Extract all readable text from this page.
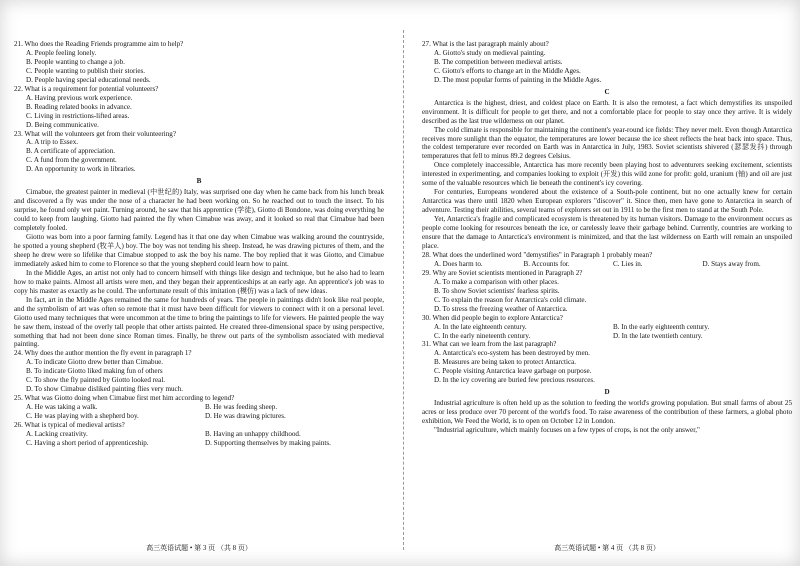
21. Who does the Reading Friends programme aim to help?

A. People feeling lonely.

B. People wanting to change a job.

C. People wanting to publish their stories.

D. People having special educational needs.

22. What is a requirement for potential volunteers?

A. Having previous work experience.

B. Reading related books in advance.

C. Living in restrictions-lifted areas.

D. Being communicative.

23. What will the volunteers get from their volunteering?

A. A trip to Essex.

B. A certificate of appreciation.

C. A fund from the government.

D. An opportunity to work in libraries.

B

Cimabue, the greatest painter in medieval (中世纪的) Italy, was surprised one day when he came back from his lunch break and discovered a fly was under the nose of a character he had been working on. So he reached out to touch the insect. To his surprise, he found only wet paint. Turning around, he saw that his apprentice (学徒), Giotto di Bondone, was doing everything he could to keep from laughing. Giotto had painted the fly when Cimabue was away, and it looked so real that Cimabue had been completely fooled.

Giotto was born into a poor farming family. Legend has it that one day when Cimabue was walking around the countryside, he spotted a young shepherd (牧羊人) boy. The boy was not tending his sheep. Instead, he was drawing pictures of them, and the sheep he drew were so lifelike that Cimabue stopped to ask the boy his name. The boy replied that it was Giotto, and Cimabue immediately asked him to come to Florence so that the young shepherd could learn how to paint.

In the Middle Ages, an artist not only had to concern himself with things like design and technique, but he also had to learn how to make paints. Almost all artists were men, and they began their apprenticeships at an early age. An apprentice's job was to copy his master as exactly as he could. The unfortunate result of this imitation (模仿) was a lack of new ideas.

In fact, art in the Middle Ages remained the same for hundreds of years. The people in paintings didn't look like real people, and the symbolism of art was often so remote that it must have been difficult for viewers to connect with it on a personal level. Giotto used many techniques that were uncommon at the time to bring the paintings to life for viewers. He painted people the way he saw them, instead of the overly tall people that other artists painted. He created three-dimensional space by using perspective, something that had not been done since Roman times. Finally, he threw out parts of the symbolism associated with medieval painting.

24. Why does the author mention the fly event in paragraph 1?

A. To indicate Giotto drew better than Cimabue.

B. To indicate Giotto liked making fun of others

C. To show the fly painted by Giotto looked real.

D. To show Cimabue disliked painting flies very much.

25. What was Giotto doing when Cimabue first met him according to legend?

A. He was taking a walk.	B. He was feeding sheep.
C. He was playing with a shepherd boy.	D. He was drawing pictures.

26. What is typical of medieval artists?

A. Lacking creativity.	B. Having an unhappy childhood.
C. Having a short period of apprenticeship.	D. Supporting themselves by making paints.

27. What is the last paragraph mainly about?

A. Giotto's study on medieval painting.

B. The competition between medieval artists.

C. Giotto's efforts to change art in the Middle Ages.

D. The most popular forms of painting in the Middle Ages.

C

Antarctica is the highest, driest, and coldest place on Earth. It is also the remotest, a fact which demystifies its unspoiled environment. It is difficult for people to get there, and not a comfortable place for people to stay once they arrive. It is widely described as the last true wilderness on our planet.

The cold climate is responsible for maintaining the continent's year-round ice fields: They never melt. Even though Antarctica receives more sunlight than the equator, the temperatures are lower because the ice sheet reflects the heat back into space. Thus, the coldest temperature ever recorded on Earth was in Antarctica in July, 1983. Soviet scientists shivered (瑟瑟发抖) through temperatures that fell to minus 89.2 degrees Celsius.

Once completely inaccessible, Antarctica has more recently been playing host to adventurers seeking excitement, scientists interested in experimenting, and companies looking to exploit (开发) this wild zone for profit: gold, uranium (铀) and oil are just some of the valuable resources which lie beneath the continent's icy covering.

For centuries, Europeans wondered about the existence of a South-pole continent, but no one actually knew for certain Antarctica was there until 1820 when European explorers "discover" it. Since then, men have gone to Antarctica in search of adventure. Testing their abilities, several teams of explorers set out in 1911 to be the first men to stand at the South Pole.

Yet, Antarctica's fragile and complicated ecosystem is threatened by its human visitors. Damage to the environment occurs as people come looking for resources beneath the ice, or carelessly leave their garbage behind. Currently, countries are working to ensure that the damage to Antarctica's environment is minimized, and that the last wilderness on Earth will remain an unspoiled place.

28. What does the underlined word "demystifies" in Paragraph 1 probably mean?

A. Does harm to.	B. Accounts for.	C. Lies in.	D. Stays away from.

29. Why are Soviet scientists mentioned in Paragraph 2?

A. To make a comparison with other places.

B. To show Soviet scientists' fearless spirits.

C. To explain the reason for Antarctica's cold climate.

D. To stress the freezing weather of Antarctica.

30. When did people begin to explore Antarctica?

A. In the late eighteenth century.	B. In the early eighteenth century.
C. In the early nineteenth century.	D. In the late twentieth century.

31. What can we learn from the last paragraph?

A. Antarctica's eco-system has been destroyed by men.

B. Measures are being taken to protect Antarctica.

C. People visiting Antarctica leave garbage on purpose.

D. In the icy covering are buried few precious resources.

D

Industrial agriculture is often held up as the solution to feeding the world's growing population. But small farms of about 25 acres or less produce over 70 percent of the world's food. To raise awareness of the contribution of these farmers, a global photo exhibition, We Feed the World, is to open on October 12 in London.

"Industrial agriculture, which mainly focuses on a few types of crops, is not the only answer,"

高三英语试题 • 第 3 页 （共 8 页）	高三英语试题 • 第 4 页 （共 8 页）
